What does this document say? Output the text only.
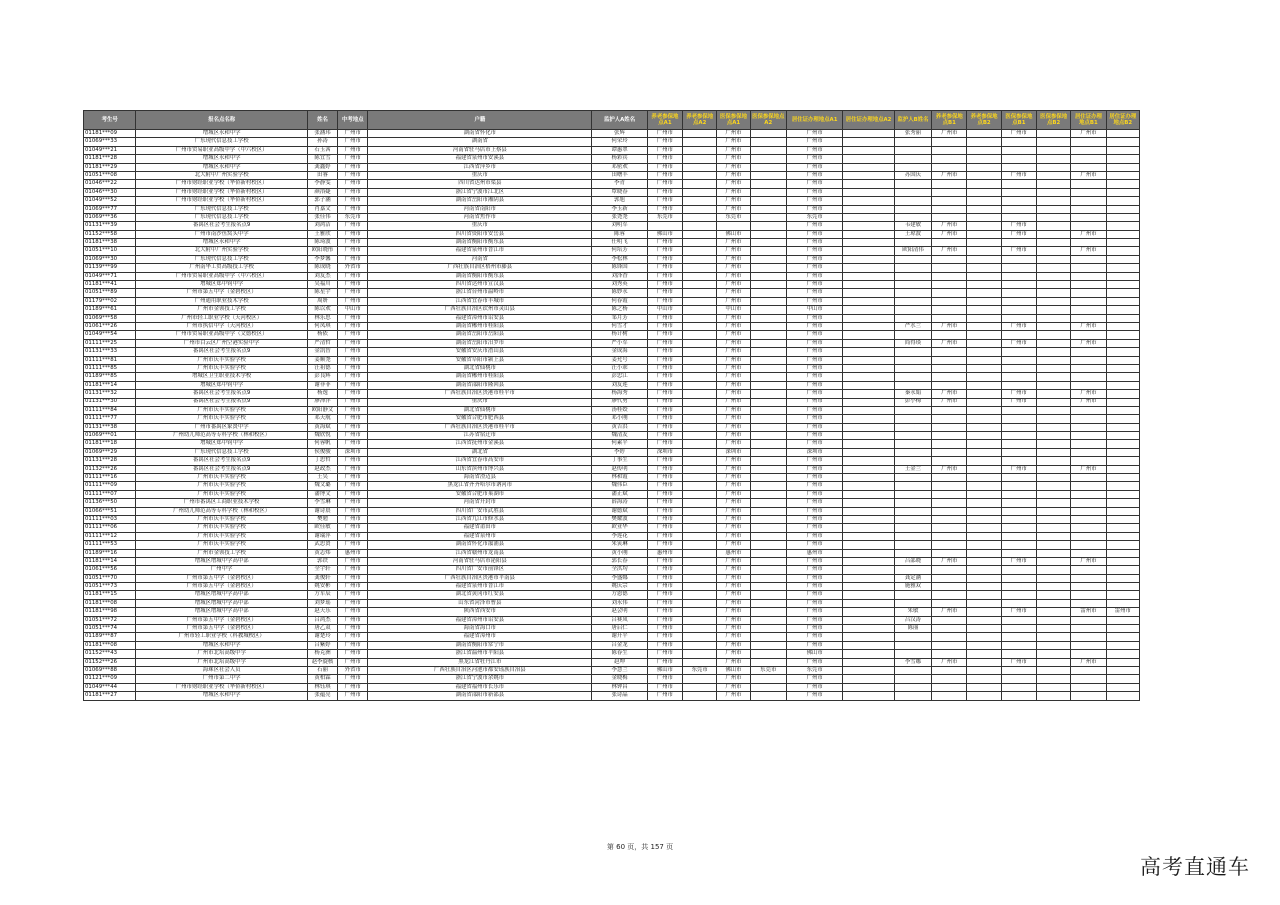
考生号	报名点名称	姓名	中考地点	户籍	监护人A姓名	养老参保地点A1	养老参保地点A2	医保参保地点A1	医保参保地点A2	居住证办理地点A1	居住证办理地点A2	监护人B姓名	养老参保地点B1	养老参保地点B2	医保参保地点B1	医保参保地点B2	居住证办理地点B1	居住证办理地点B2
01181***09	增城区永和中学	张涵玮	广州市	湖南省怀化市	张辉	广州市		广州市		广州市		张秀丽	广州市		广州市		广州市	
01069***33	广东现代信息技工学校	孙涛	广州市	湖南省	何荣玲	广州市		广州市		广州市								
01049***21	广州市贸易职业高级中学（中六校区）	石玉茜	广州市	河南省驻马店市上蔡县	谭惠翠	广州市		广州市		广州市								
01181***28	增城区永和中学	陈宜雪	广州市	福建省泉州市安溪县	杨彩宾	广州市		广州市		广州市								
01181***29	增城区永和中学	龚鑫婷	广州市	江西省萍乡市	邓密欢	广州市		广州市		广州市								
01051***08	北大附中广州实验学校	田睿	广州市	重庆市	田曙丰	广州市		广州市		广州市		苏国庆	广州市		广州市		广州市	
01046***22	广州市财经职业学校（华侨新村校区）	李静雯	广州市	四川省达州市渠县	李青	广州市		广州市		广州市								
01046***30	广州市财经职业学校（华侨新村校区）	颜浴婕	广州市	浙江省宁波市江北区	覃晓春	广州市		广州市		广州市								
01049***52	广州市财经职业学校（华侨新村校区）	郭子涵	广州市	湖南省岳阳市湘阴县	郭旭	广州市		广州市		广州市								
01069***77	广东现代信息技工学校	肖嘉文	广州市	河南省南阳市	李玉新	广州市		广州市		广州市								
01069***36	广东现代信息技工学校	张佳伟	东莞市	河南省焦作市	张尧尧	东莞市		东莞市		东莞市								
01131***39	番禺区社会考生报名点9	刘鸿洁	广州市	重庆市	刘明军					广州市		韦建敏	广州市		广州市			
01152***58	广州市南沙鱼窝头中学	王雅欣	广州市	四川省资阳市安岳县	陈蓉	佛山市		佛山市		广州市		王琼波	广州市		广州市		广州市	
01181***38	增城区永和中学	陈琦波	广州市	湖南省衡阳市衡东县	任明飞	广州市		广州市		广州市								
01051***10	北大附中广州实验学校	欧阳晓彤	广州市	福建省泉州市晋江市	何培芳	广州市		广州市		广州市		欧阳清伟	广州市		广州市		广州市	
01069***30	广东现代信息技工学校	李梦馨	广州市	河南省	李松林	广州市		广州市		广州市								
01139***99	广州南华工贸高级技工学校	陈成晓	外省市	广西壮族自治区梧州市藤县	陈锋国	广州市		广州市		广州市								
01049***71	广州市贸易职业高级中学（中六校区）	刘友杰	广州市	湖南省衡阳市衡东县	刘泽香	广州市		广州市		广州市								
01181***41	增城区郑中钧中学	吴福川	广州市	四川省达州市宣汉县	刘秀英	广州市		广州市		广州市								
01051***89	广州市第五中学（金碧校区）	陈星宇	广州市	浙江省台州市温岭市	陈妙永	广州市		广州市		广州市								
01179***02	广州通用职业技术学校	周妍	广州市	江西省宜春市丰城市	何春霞	广州市		广州市		广州市								
01189***61	广州市金领技工学校	陈以欢	中山市	广西壮族自治区钦州市灵山县	陈之杨	中山市		中山市		中山市								
01069***58	广州市轻工职业学校（天河校区）	林乐思	广州市	福建省漳州市诏安县	邹月芳	广州市		广州市		广州市								
01061***26	广州市执信中学（天河校区）	何凤琪	广州市	湖南省郴州市桂阳县	何雪才	广州市		广州市		广州市		严水兰	广州市		广州市		广州市	
01049***54	广州市贸易职业高级中学（文德校区）	杨依	广州市	湖南省岳阳市岳阳县	杨计树	广州市		广州市		广州市								
01111***25	广州市白云区广州空港实验中学	严清哲	广州市	湖南省岳阳市汨罗市	严小军	广州市		广州市		广州市		简得琰	广州市		广州市		广州市	
01131***33	番禺区社会考生报名点9	金凯智	广州市	安徽省安庆市潜山县	金成海	广州市		广州市		广州市								
01111***81	广州市庆丰实验学校	姜顺尧	广州市	安徽省阜阳市颍上县	姜允号	广州市		广州市		广州市								
01111***85	广州市庆丰实验学校	汪祖德	广州市	湖北省仙桃市	汪小乖	广州市		广州市		广州市								
01189***85	增城区卫生职业技术学校	彭良辉	广州市	湖南省郴州市桂阳县	彭忠江	广州市		广州市		广州市								
01181***14	增城区郑中钧中学	谢菲菲	广州市	湖南省邵阳市隆回县	刘友莲	广州市		广州市		广州市								
01131***32	番禺区社会考生报名点9	杨逸	广州市	广西壮族自治区贵港市桂平市	杨海秀	广州市		广州市		广州市		秦永娟	广州市		广州市		广州市	
01131***30	番禺区社会考生报名点9	廖沛洋	广州市	重庆市	廖代勇	广州市		广州市		广州市		彭小梅	广州市		广州市		广州市	
01111***84	广州市庆丰实验学校	欧阳静文	广州市	湖北省仙桃市	汤桂姣	广州市		广州市		广州市								
01111***77	广州市庆丰实验学校	邓天航	广州市	安徽省合肥市肥西县	邓小刚	广州市		广州市		广州市								
01131***38	广州市番禺区象贤中学	黄海斌	广州市	广西壮族自治区贵港市桂平市	黄吉洪	广州市		广州市		广州市								
01069***01	广州幼儿师范高等专科学校（林和校区）	魏欣悦	广州市	江苏省宿迁市	魏清友	广州市		广州市		广州市								
01181***18	增城区郑中钧中学	何蓉帆	广州市	江西省抚州市金溪县	何素平	广州市		广州市		广州市								
01069***29	广东现代信息技工学校	侯俊骏	深圳市	湖北省	李婷	深圳市		深圳市		深圳市								
01131***28	番禺区社会考生报名点9	丁思哲	广州市	江西省宜春市高安市	丁事生	广州市		广州市		广州市								
01132***26	番禺区社会考生报名点9	赵政杰	广州市	山东省滨州市博兴县	赵传明	广州市		广州市		广州市		王金兰	广州市		广州市		广州市	
01111***16	广州市庆丰实验学校	王吴	广州市	海南省澄迈县	林和霞	广州市		广州市		广州市								
01111***09	广州市庆丰实验学校	魏文璐	广州市	黑龙江省齐齐哈尔市讷河市	魏伟臣	广州市		广州市		广州市								
01111***07	广州市庆丰实验学校	潘博文	广州市	安徽省合肥市巢湖市	潘正斌	广州市		广州市		广州市								
01136***50	广州市番禺区工商职业技术学校	李雪琳	广州市	河南省开封市	薛海涛	广州市		广州市		广州市								
01066***51	广州幼儿师范高等专科学校（林和校区）	谢诗晨	广州市	四川省广安市武胜县	谢德斌	广州市		广州市		广州市								
01111***03	广州市庆丰实验学校	樊勉	广州市	江西省九江市修水县	樊耀波	广州市		广州市		广州市								
01111***06	广州市庆丰实验学校	欧佳敏	广州市	福建省莆田市	欧亚华	广州市		广州市		广州市								
01111***12	广州市庆丰实验学校	谢瑞萍	广州市	福建省泉州市	李莲花	广州市		广州市		广州市								
01111***53	广州市庆丰实验学校	武思贤	广州市	湖南省怀化市溆浦县	朱寅琳	广州市		广州市		广州市								
01189***16	广州市金领技工学校	黄志炜	惠州市	江西省赣州市龙南县	黄小刚	惠州市		惠州市		惠州市								
01181***14	增城区增城中学高中部	郭铁	广州市	河南省驻马店市泌阳县	郭长春	广州市		广州市		广州市		吕邵晓	广州市		广州市		广州市	
01061***56	广州中学	全宇轩	广州市	四川省广安市前锋区	全洪均	广州市		广州市		广州市								
01051***70	广州市第五中学（金碧校区）	龚俊轩	广州市	广西壮族自治区贵港市平南县	李盛娜	广州市		广州市		广州市		龚定涵						
01051***73	广州市第五中学（金碧校区）	姚安彬	广州市	福建省泉州市晋江市	姚庆宗	广州市		广州市		广州市		施雅双						
01181***15	增城区增城中学高中部	方军辰	广州市	湖北省黄冈市红安县	方恩德	广州市		广州市		广州市								
01181***08	增城区增城中学高中部	刘梦瑶	广州市	山东省菏泽市曹县	刘永伟	广州市		广州市		广州市								
01181***98	增城区增城中学高中部	赵天乐	广州市	陕西省西安市	赵会明	广州市		广州市		广州市		朱敏	广州市		广州市		雷州市	雷州市
01051***72	广州市第五中学（金碧校区）	吕鸿杰	广州市	福建省漳州市诏安县	吕赛凤	广州市		广州市		广州市		吕汉涛						
01051***74	广州市第五中学（金碧校区）	唐乙双	广州市	海南省海口市	唐启仁	广州市		广州市		广州市		陈丽						
01189***87	广州市轻工职业学校（科教城校区）	谢楚玲	广州市	福建省漳州市	谢开平	广州市		广州市		广州市								
01181***08	增城区永和中学	吕紫婷	广州市	湖南省衡阳市常宁市	吕金龙	广州市		广州市		广州市								
01152***43	广州市北培高级中学	杨克洲	广州市	浙江省温州市平阳县	陈春生	广州市		广州市		佛山市								
01152***26	广州市北培高级中学	赵李旋核	广州市	黑龙江省牡丹江市	赵坤	广州市		广州市		广州市		李雪娜	广州市		广州市		广州市	
01069***88	海珠区社会人员	石丽	外省市	广西壮族自治区河池市都安瑶族自治县	李慧兰	佛山市	东莞市	佛山市	东莞市	东莞市								
01121***09	广州市第二中学	黄柏霖	广州市	浙江省宁波市余姚市	金晓梅	广州市		广州市		广州市								
01049***44	广州市财经职业学校（华侨新村校区）	林钰琪	广州市	福建省福州市长乐市	林钟昌	广州市		广州市		广州市								
01181***27	增城区永和中学	张蕴亮	广州市	湖南省邵阳市新邵县	张诗晶	广州市		广州市		广州市								
第 60 页，共 157 页
高考直通车
